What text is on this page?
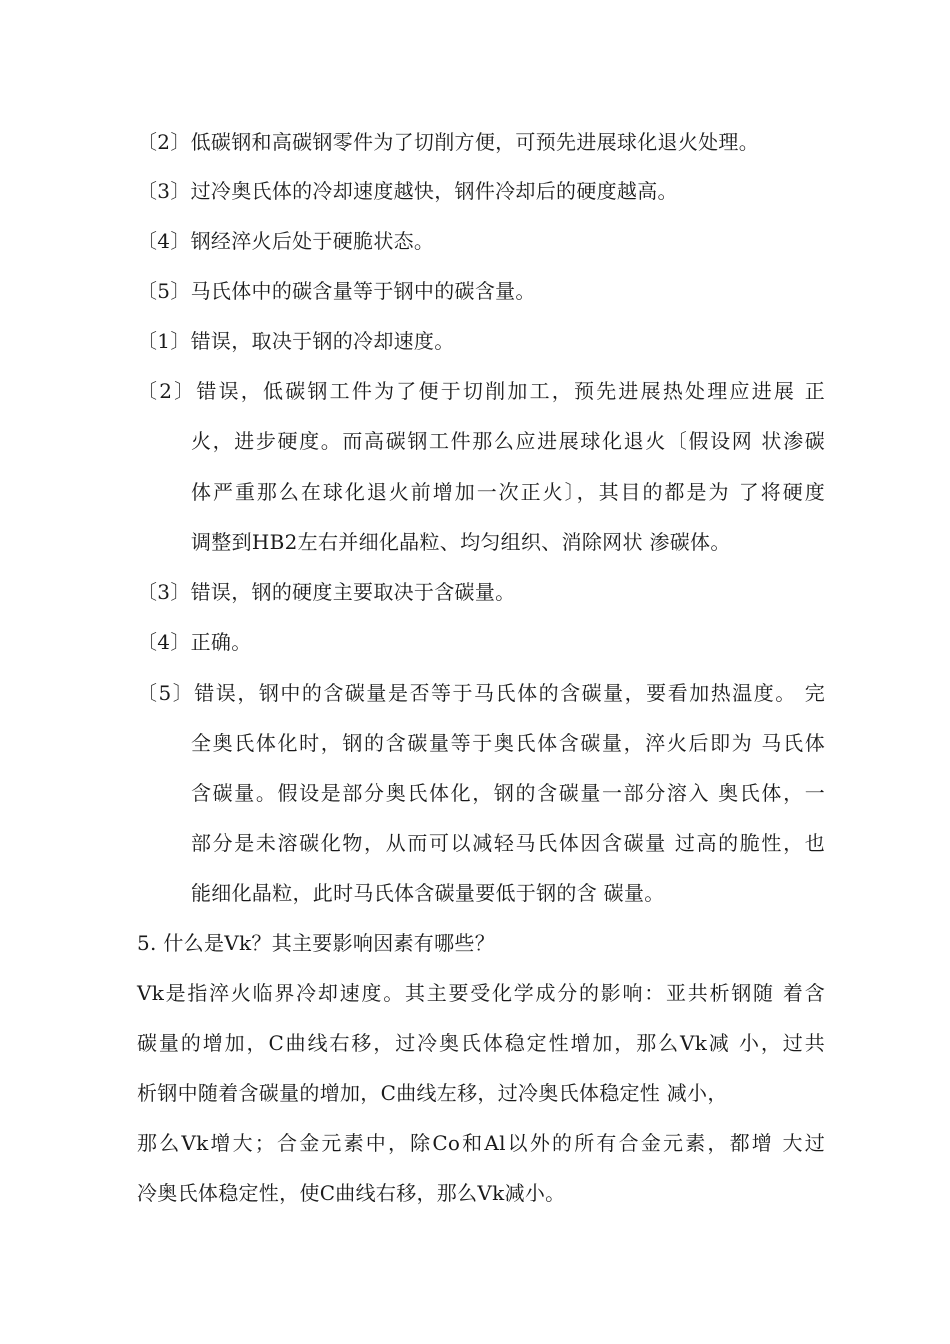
〔2〕低碳钢和高碳钢零件为了切削方便，可预先进展球化退火处理。
〔3〕过冷奥氏体的冷却速度越快，钢件冷却后的硬度越高。
〔4〕钢经淬火后处于硬脆状态。
〔5〕马氏体中的碳含量等于钢中的碳含量。
〔1〕错误，取决于钢的冷却速度。
〔2〕错误，低碳钢工件为了便于切削加工，预先进展热处理应进展 正
火，进步硬度。而高碳钢工件那么应进展球化退火〔假设网 状渗碳
体严重那么在球化退火前增加一次正火〕，其目的都是为 了将硬度
调整到HB2左右并细化晶粒、均匀组织、消除网状 渗碳体。
〔3〕错误，钢的硬度主要取决于含碳量。
〔4〕正确。
〔5〕错误，钢中的含碳量是否等于马氏体的含碳量，要看加热温度。 完
全奥氏体化时，钢的含碳量等于奥氏体含碳量，淬火后即为 马氏体
含碳量。假设是部分奥氏体化，钢的含碳量一部分溶入 奥氏体，一
部分是未溶碳化物，从而可以减轻马氏体因含碳量 过高的脆性，也
能细化晶粒，此时马氏体含碳量要低于钢的含 碳量。
5. 什么是Vk？其主要影响因素有哪些？
Vk是指淬火临界冷却速度。其主要受化学成分的影响：亚共析钢随 着含
碳量的增加，C曲线右移，过冷奥氏体稳定性增加，那么Vk减 小，过共
析钢中随着含碳量的增加，C曲线左移，过冷奥氏体稳定性 减小，
那么Vk增大；合金元素中，除Co和Al以外的所有合金元素，都增 大过
冷奥氏体稳定性，使C曲线右移，那么Vk减小。
